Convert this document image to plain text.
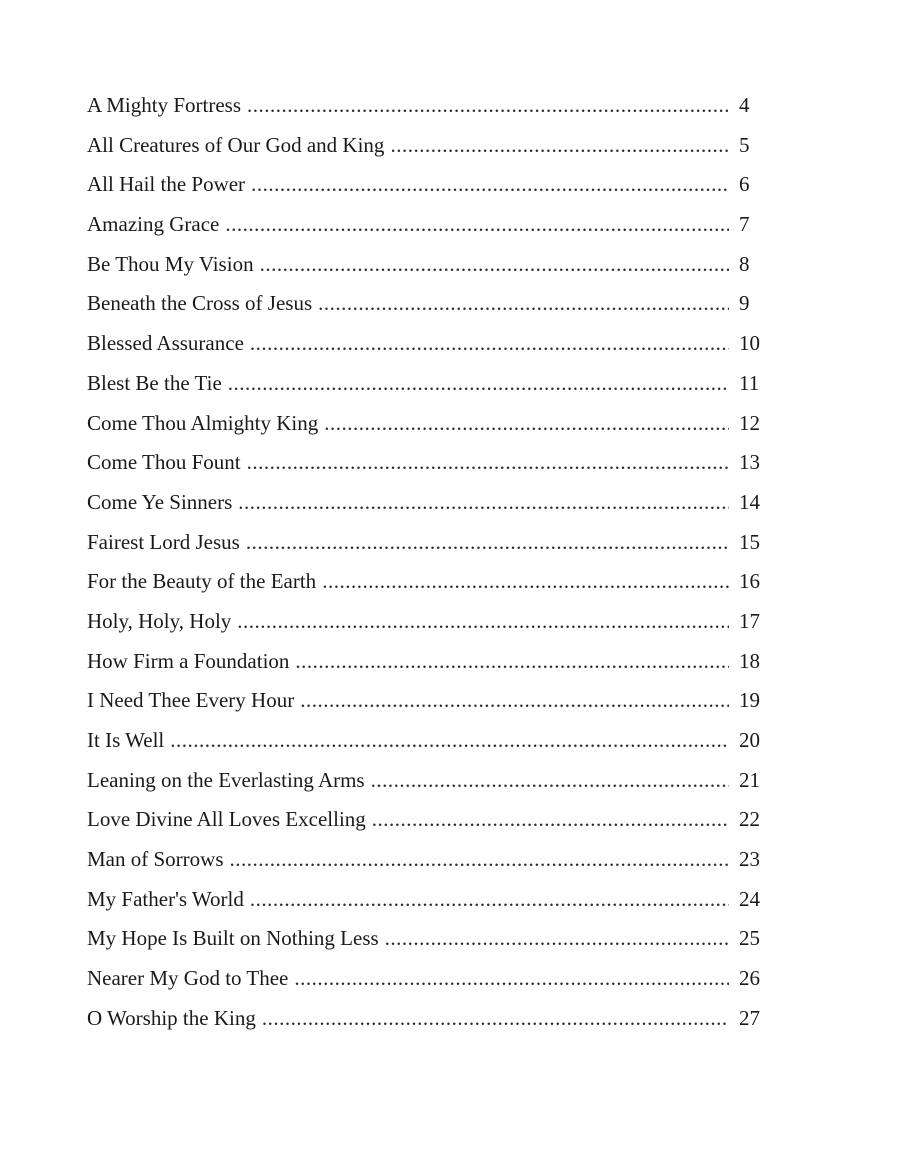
A Mighty Fortress .....	4
All Creatures of Our God and King .....	5
All Hail the Power .....	6
Amazing Grace .....	7
Be Thou My Vision .....	8
Beneath the Cross of Jesus .....	9
Blessed Assurance .....	10
Blest Be the Tie .....	11
Come Thou Almighty King .....	12
Come Thou Fount .....	13
Come Ye Sinners .....	14
Fairest Lord Jesus .....	15
For the Beauty of the Earth .....	16
Holy, Holy, Holy .....	17
How Firm a Foundation .....	18
I Need Thee Every Hour .....	19
It Is Well .....	20
Leaning on the Everlasting Arms .....	21
Love Divine All Loves Excelling .....	22
Man of Sorrows .....	23
My Father's World .....	24
My Hope Is Built on Nothing Less .....	25
Nearer My God to Thee .....	26
O Worship the King .....	27
